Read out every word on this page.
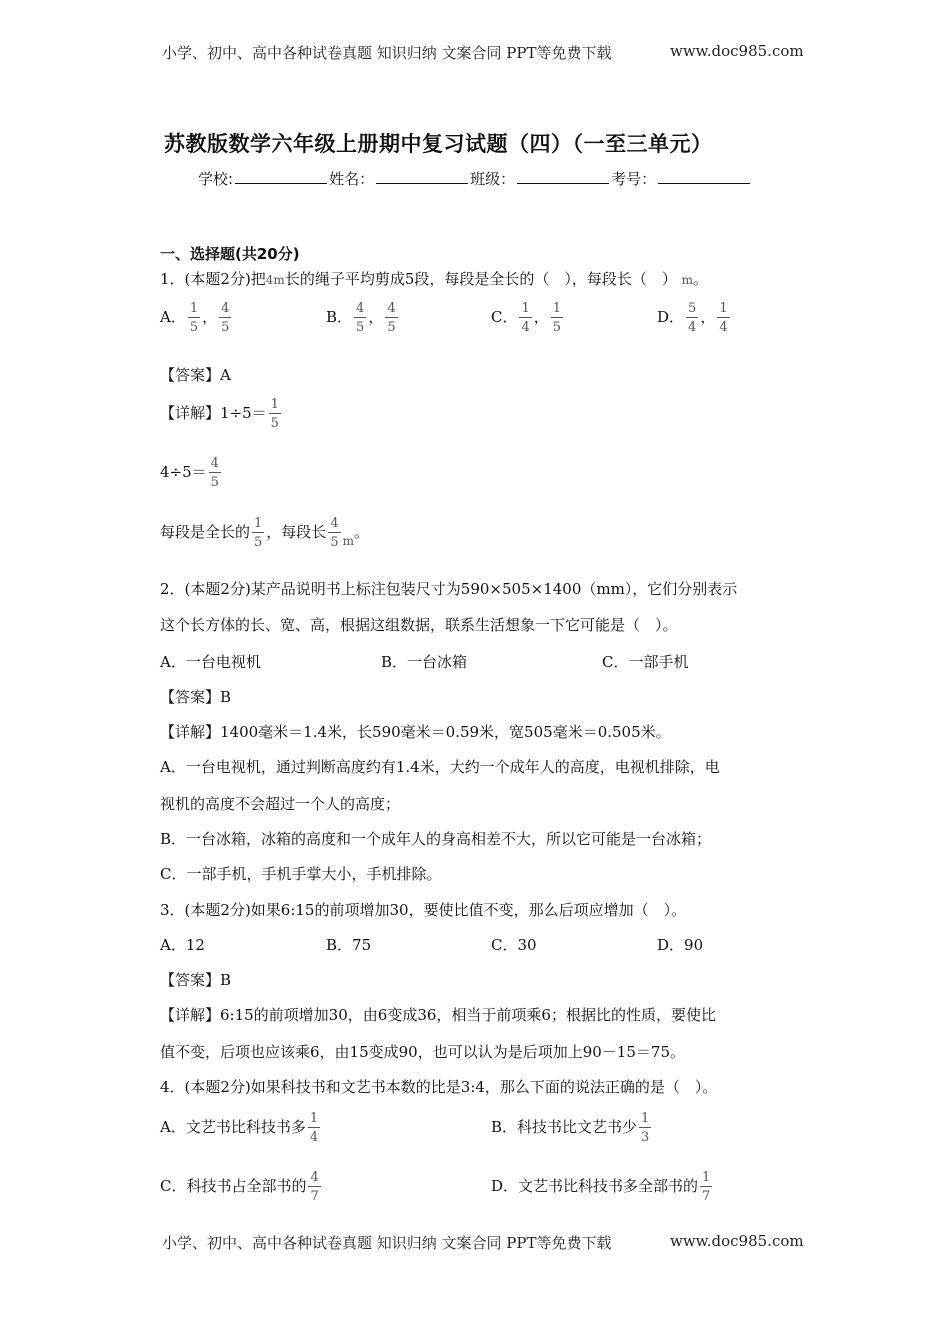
小学、初中、高中各种试卷真题 知识归纳 文案合同 PPT等免费下载	www.doc985.com
苏教版数学六年级上册期中复习试题（四）（一至三单元）
学校:	姓名：	班级：	考号：
一、选择题(共20分)
1．(本题2分)把4m长的绳子平均剪成5段，每段是全长的（　），每段长（　） m。
A． $\frac{1}{5}$ ， $\frac{4}{5}$	B． $\frac{4}{5}$ ， $\frac{4}{5}$	C． $\frac{1}{4}$ ， $\frac{1}{5}$	D． $\frac{5}{4}$ ， $\frac{1}{4}$
【答案】A
【详解】$1\div 5= \frac{1}{5}$
$4\div 5= \frac{4}{5}$
每段是全长的 $\frac{1}{5}$ ，每段长 $\frac{4}{5} _m$。
2．(本题2分)某产品说明书上标注包装尺寸为590×505×1400（mm），它们分别表示
这个长方体的长、宽、高，根据这组数据，联系生活想象一下它可能是（　）。
A．一台电视机	B．一台冰箱	C．一部手机
【答案】B
【详解】1400毫米＝1.4米，长590毫米＝0.59米，宽505毫米＝0.505米。
A．一台电视机，通过判断高度约有1.4米，大约一个成年人的高度，电视机排除，电
视机的高度不会超过一个人的高度；
B．一台冰箱，冰箱的高度和一个成年人的身高相差不大，所以它可能是一台冰箱；
C．一部手机，手机手掌大小，手机排除。
3．(本题2分)如果6:15的前项增加30，要使比值不变，那么后项应增加（　）。
A．12	B．75	C．30	D．90
【答案】B
【详解】6:15的前项增加30，由6变成36，相当于前项乘6；根据比的性质，要使比
值不变，后项也应该乘6，由15变成90，也可以认为是后项加上90－15＝75。
4．(本题2分)如果科技书和文艺书本数的比是3:4，那么下面的说法正确的是（　）。
A．文艺书比科技书多 $\frac{1}{4}$	B．科技书比文艺书少 $\frac{1}{3}$
C．科技书占全部书的 $\frac{4}{7}$	D．文艺书比科技书多全部书的 $\frac{1}{7}$
小学、初中、高中各种试卷真题 知识归纳 文案合同 PPT等免费下载	www.doc985.com
